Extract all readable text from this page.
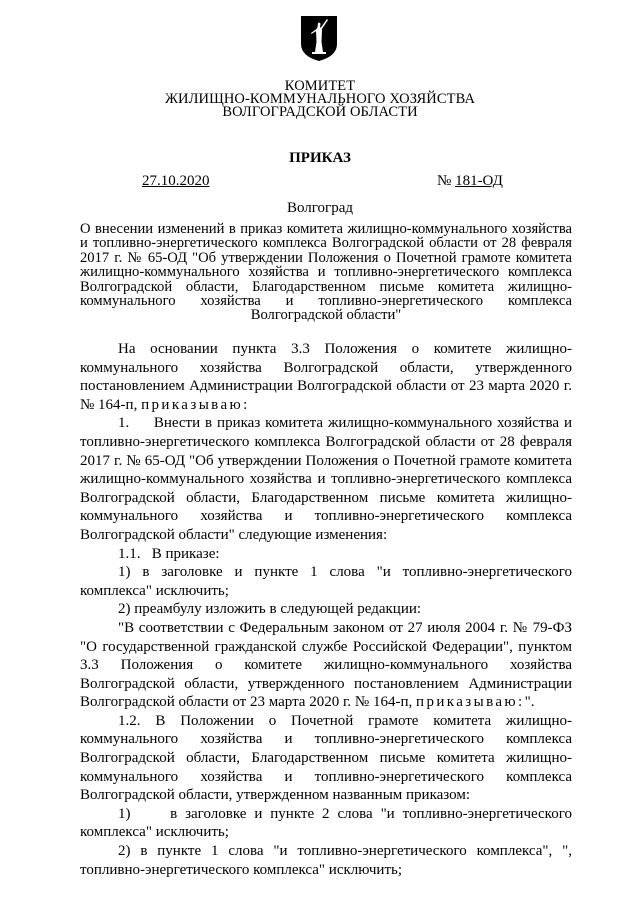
КОМИТЕТ
ЖИЛИЩНО-КОММУНАЛЬНОГО ХОЗЯЙСТВА
ВОЛГОГРАДСКОЙ ОБЛАСТИ
ПРИКАЗ
27.10.2020	№ 181-ОД
Волгоград
О внесении изменений в приказ комитета жилищно-коммунального хозяйства и топливно-энергетического комплекса Волгоградской области от 28 февраля 2017 г. № 65-ОД "Об утверждении Положения о Почетной грамоте комитета жилищно-коммунального хозяйства и топливно-энергетического комплекса Волгоградской области, Благодарственном письме комитета жилищно-коммунального хозяйства и топливно-энергетического комплекса Волгоградской области"

На основании пункта 3.3 Положения о комитете жилищно-коммунального хозяйства Волгоградской области, утвержденного постановлением Администрации Волгоградской области от 23 марта 2020 г. № 164-п, приказываю:

1.     Внести в приказ комитета жилищно-коммунального хозяйства и топливно-энергетического комплекса Волгоградской области от 28 февраля 2017 г. № 65-ОД "Об утверждении Положения о Почетной грамоте комитета жилищно-коммунального хозяйства и топливно-энергетического комплекса Волгоградской области, Благодарственном письме комитета жилищно-коммунального хозяйства и топливно-энергетического комплекса Волгоградской области" следующие изменения:

1.1.   В приказе:

1) в заголовке и пункте 1 слова "и топливно-энергетического комплекса" исключить;

2) преамбулу изложить в следующей редакции:

"В соответствии с Федеральным законом от 27 июля 2004 г. № 79-ФЗ "О государственной гражданской службе Российской Федерации", пунктом 3.3 Положения о комитете жилищно-коммунального хозяйства Волгоградской области, утвержденного постановлением Администрации Волгоградской области от 23 марта 2020 г. № 164-п, приказываю:".

1.2. В Положении о Почетной грамоте комитета жилищно-коммунального хозяйства и топливно-энергетического комплекса Волгоградской области, Благодарственном письме комитета жилищно-коммунального хозяйства и топливно-энергетического комплекса Волгоградской области, утвержденном названным приказом:

1)     в заголовке и пункте 2 слова "и топливно-энергетического комплекса" исключить;

2) в пункте 1 слова "и топливно-энергетического комплекса", ", топливно-энергетического комплекса" исключить;
